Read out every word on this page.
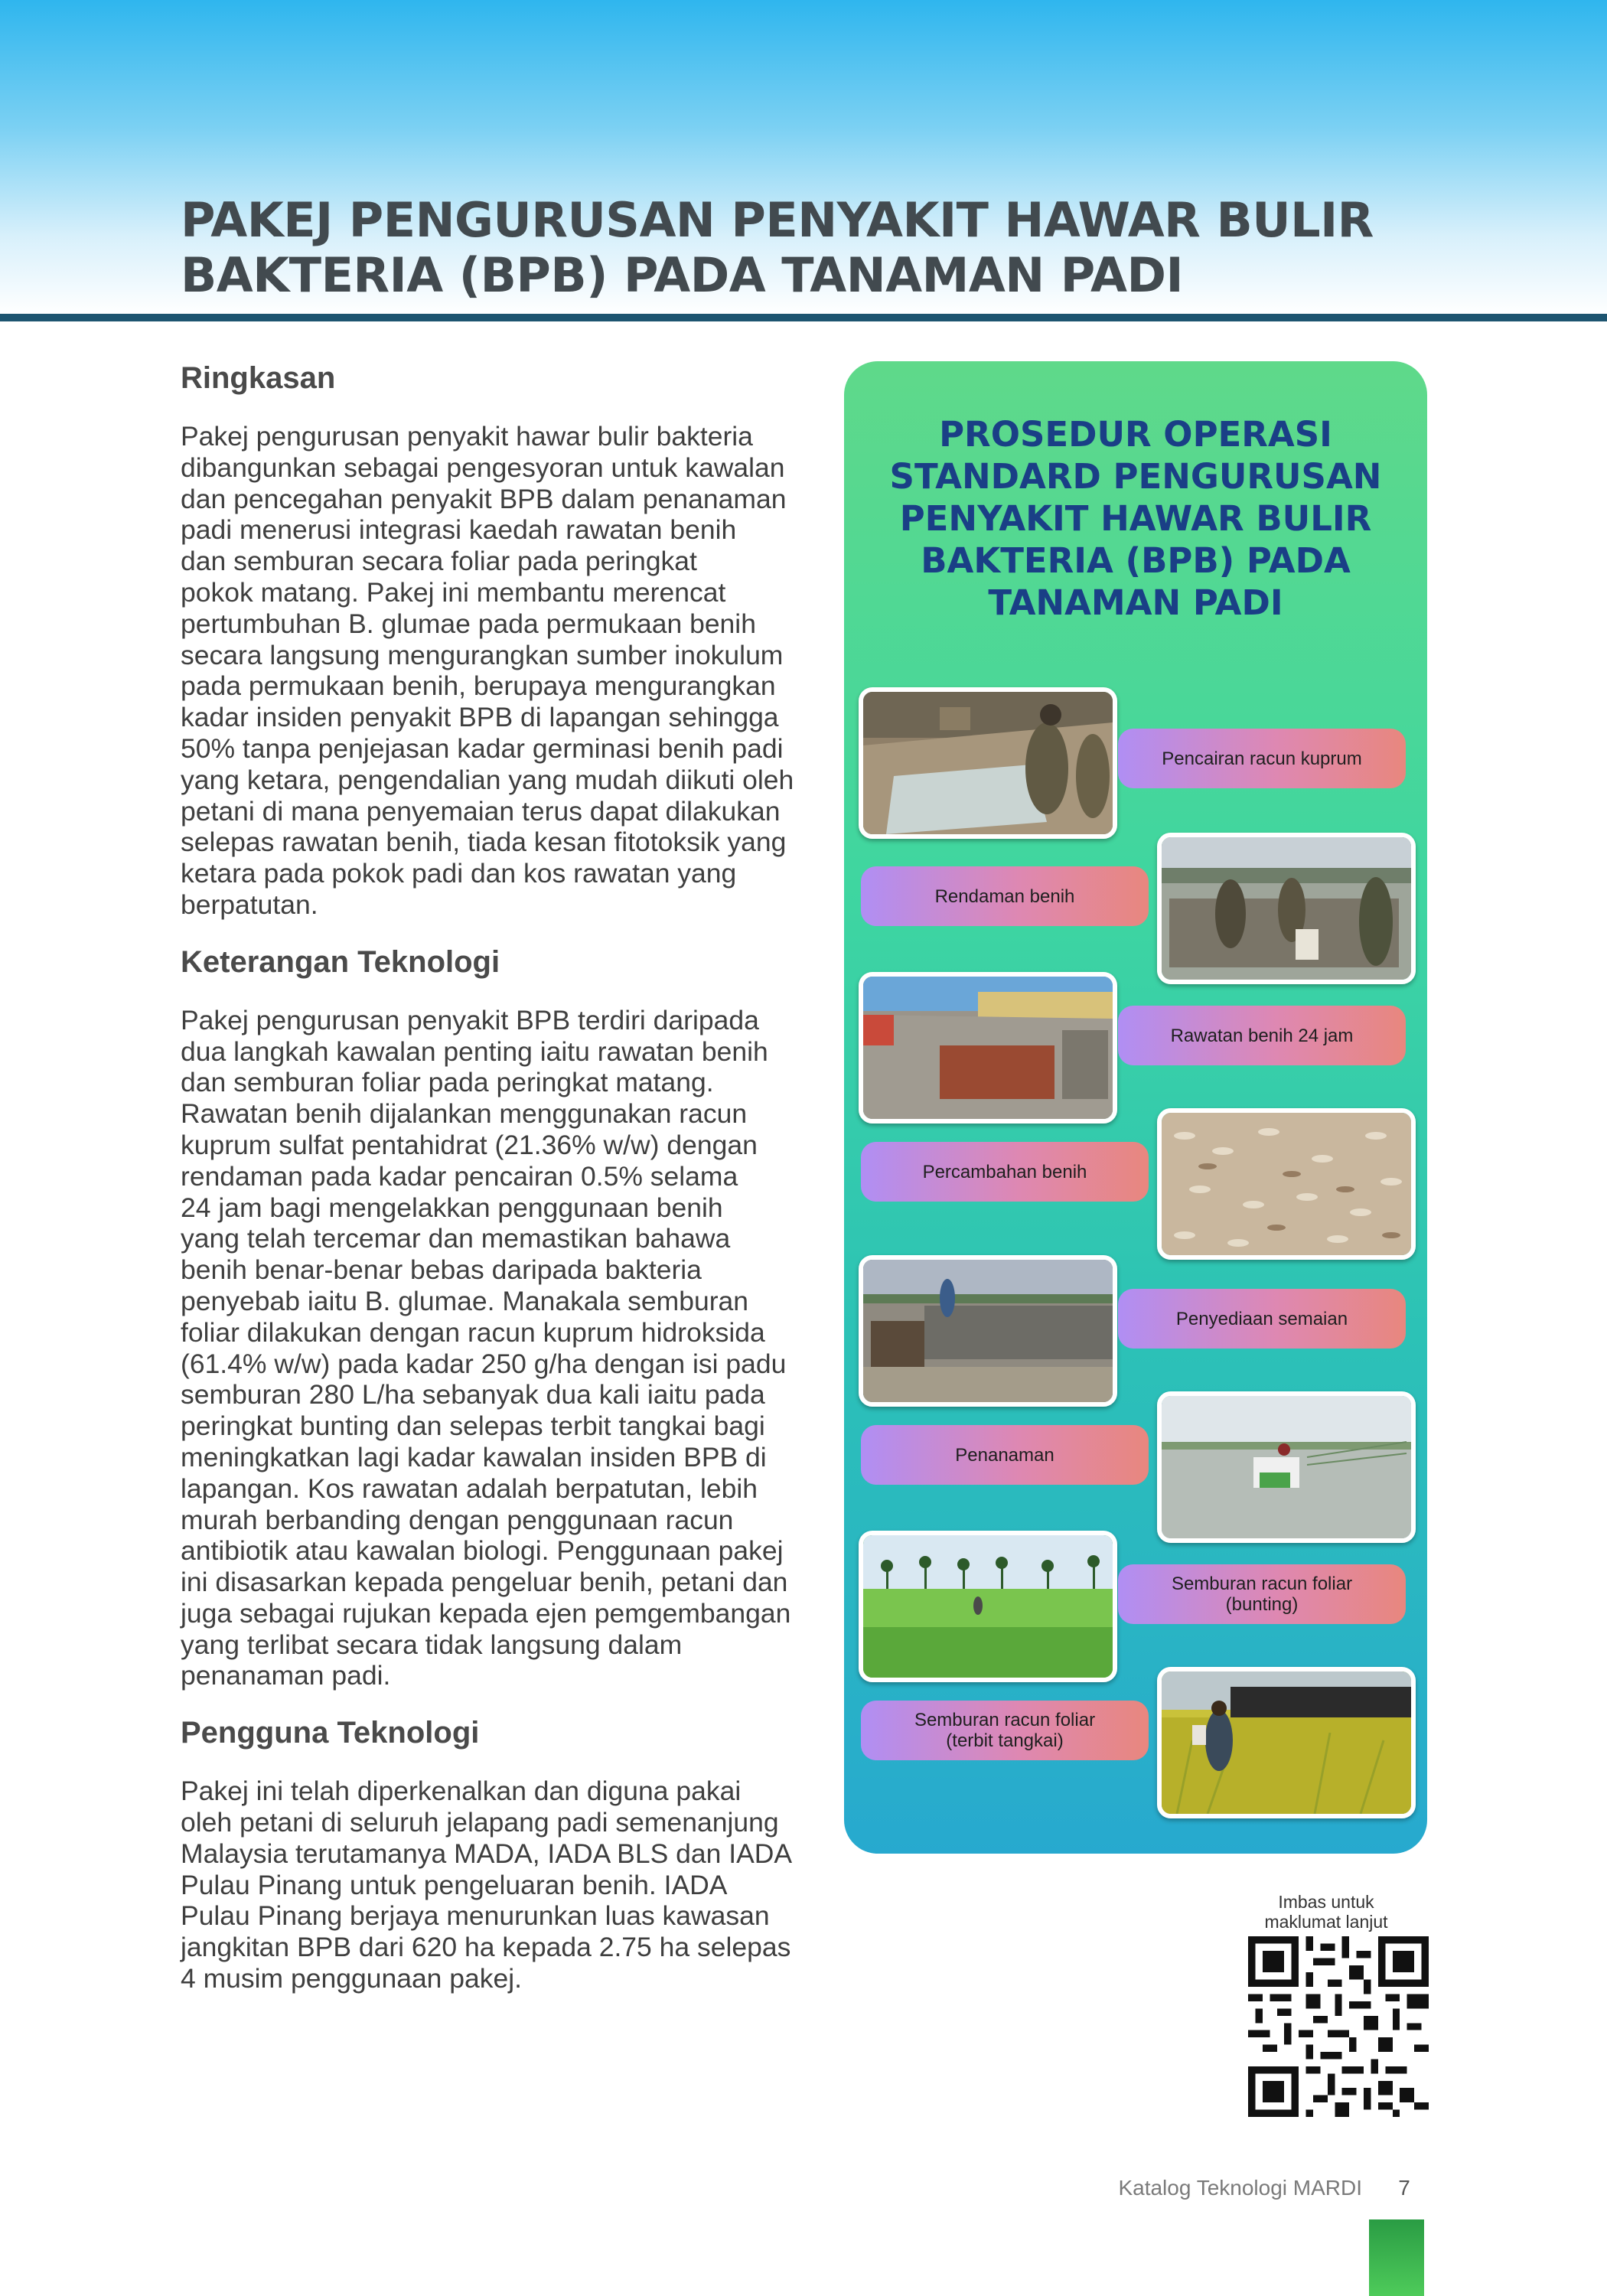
PAKEJ PENGURUSAN PENYAKIT HAWAR BULIR
BAKTERIA (BPB) PADA TANAMAN PADI
Ringkasan

Pakej pengurusan penyakit hawar bulir bakteria
dibangunkan sebagai pengesyoran untuk kawalan
dan pencegahan penyakit BPB dalam penanaman
padi menerusi integrasi kaedah rawatan benih
dan semburan secara foliar pada peringkat
pokok matang. Pakej ini membantu merencat
pertumbuhan B. glumae pada permukaan benih
secara langsung mengurangkan sumber inokulum
pada permukaan benih, berupaya mengurangkan
kadar insiden penyakit BPB di lapangan sehingga
50% tanpa penjejasan kadar germinasi benih padi
yang ketara, pengendalian yang mudah diikuti oleh
petani di mana penyemaian terus dapat dilakukan
selepas rawatan benih, tiada kesan fitotoksik yang
ketara pada pokok padi dan kos rawatan yang
berpatutan.

Keterangan Teknologi

Pakej pengurusan penyakit BPB terdiri daripada
dua langkah kawalan penting iaitu rawatan benih
dan semburan foliar pada peringkat matang.
Rawatan benih dijalankan menggunakan racun
kuprum sulfat pentahidrat (21.36% w/w) dengan
rendaman pada kadar pencairan 0.5% selama
24 jam bagi mengelakkan penggunaan benih
yang telah tercemar dan memastikan bahawa
benih benar-benar bebas daripada bakteria
penyebab iaitu B. glumae. Manakala semburan
foliar dilakukan dengan racun kuprum hidroksida
(61.4% w/w) pada kadar 250 g/ha dengan isi padu
semburan 280 L/ha sebanyak dua kali iaitu pada
peringkat bunting dan selepas terbit tangkai bagi
meningkatkan lagi kadar kawalan insiden BPB di
lapangan. Kos rawatan adalah berpatutan, lebih
murah berbanding dengan penggunaan racun
antibiotik atau kawalan biologi. Penggunaan pakej
ini disasarkan kepada pengeluar benih, petani dan
juga sebagai rujukan kepada ejen pemgembangan
yang terlibat secara tidak langsung dalam
penanaman padi.

Pengguna Teknologi

Pakej ini telah diperkenalkan dan diguna pakai
oleh petani di seluruh jelapang padi semenanjung
Malaysia terutamanya MADA, IADA BLS dan IADA
Pulau Pinang untuk pengeluaran benih. IADA
Pulau Pinang berjaya menurunkan luas kawasan
jangkitan BPB dari 620 ha kepada 2.75 ha selepas
4 musim penggunaan pakej.

PROSEDUR OPERASI
STANDARD PENGURUSAN
PENYAKIT HAWAR BULIR
BAKTERIA (BPB) PADA
TANAMAN PADI
Pencairan racun kuprum
Rendaman benih
Rawatan benih 24 jam
Percambahan benih
Penyediaan semaian
Penanaman
Semburan racun foliar
(bunting)
Semburan racun foliar
(terbit tangkai)
Imbas untuk
maklumat lanjut
Katalog Teknologi MARDI	7
